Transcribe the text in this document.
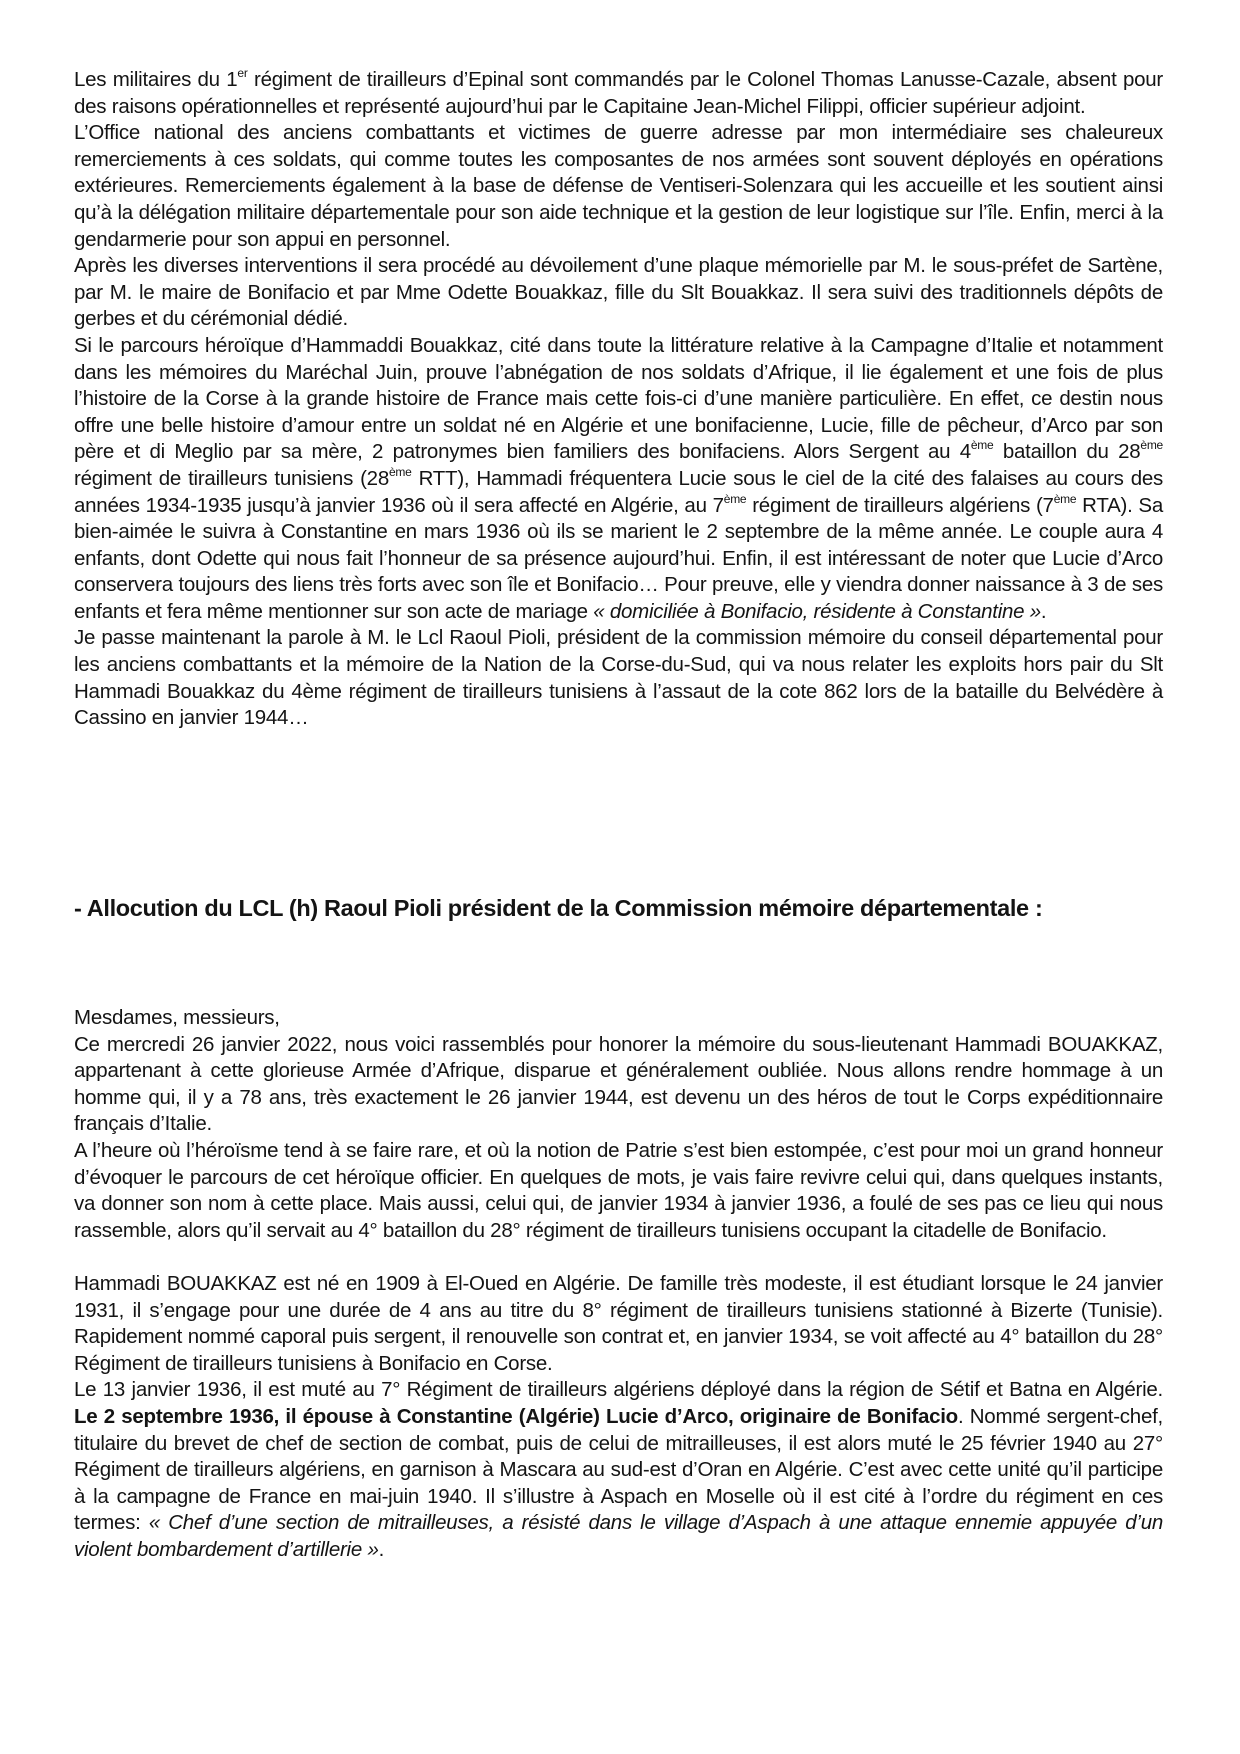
Les militaires du 1er régiment de tirailleurs d’Epinal sont commandés par le Colonel Thomas Lanusse-Cazale, absent pour des raisons opérationnelles et représenté aujourd’hui par le Capitaine Jean-Michel Filippi, officier supérieur adjoint.

L’Office national des anciens combattants et victimes de guerre adresse par mon intermédiaire ses chaleureux remerciements à ces soldats, qui comme toutes les composantes de nos armées sont souvent déployés en opérations extérieures. Remerciements également à la base de défense de Ventiseri-Solenzara qui les accueille et les soutient ainsi qu’à la délégation militaire départementale pour son aide technique et la gestion de leur logistique sur l’île. Enfin, merci à la gendarmerie pour son appui en personnel.

Après les diverses interventions il sera procédé au dévoilement d’une plaque mémorielle par M. le sous-préfet de Sartène, par M. le maire de Bonifacio et par Mme Odette Bouakkaz, fille du Slt Bouakkaz. Il sera suivi des traditionnels dépôts de gerbes et du cérémonial dédié.

Si le parcours héroïque d’Hammaddi Bouakkaz, cité dans toute la littérature relative à la Campagne d’Italie et notamment dans les mémoires du Maréchal Juin, prouve l’abnégation de nos soldats d’Afrique, il lie également et une fois de plus l’histoire de la Corse à la grande histoire de France mais cette fois-ci d’une manière particulière. En effet, ce destin nous offre une belle histoire d’amour entre un soldat né en Algérie et une bonifacienne, Lucie, fille de pêcheur, d’Arco par son père et di Meglio par sa mère, 2 patronymes bien familiers des bonifaciens. Alors Sergent au 4ème bataillon du 28ème régiment de tirailleurs tunisiens (28ème RTT), Hammadi fréquentera Lucie sous le ciel de la cité des falaises au cours des années 1934-1935 jusqu’à janvier 1936 où il sera affecté en Algérie, au 7ème régiment de tirailleurs algériens (7ème RTA). Sa bien-aimée le suivra à Constantine en mars 1936 où ils se marient le 2 septembre de la même année. Le couple aura 4 enfants, dont Odette qui nous fait l’honneur de sa présence aujourd’hui. Enfin, il est intéressant de noter que Lucie d’Arco conservera toujours des liens très forts avec son île et Bonifacio… Pour preuve, elle y viendra donner naissance à 3 de ses enfants et fera même mentionner sur son acte de mariage « domiciliée à Bonifacio, résidente à Constantine ».

Je passe maintenant la parole à M. le Lcl Raoul Pioli, président de la commission mémoire du conseil départemental pour les anciens combattants et la mémoire de la Nation de la Corse-du-Sud, qui va nous relater les exploits hors pair du Slt Hammadi Bouakkaz du 4ème régiment de tirailleurs tunisiens à l’assaut de la cote 862 lors de la bataille du Belvédère à Cassino en janvier 1944…

- Allocution du LCL (h) Raoul Pioli président de la Commission mémoire départementale :

Mesdames, messieurs,

Ce mercredi 26 janvier 2022, nous voici rassemblés pour honorer la mémoire du sous-lieutenant Hammadi BOUAKKAZ, appartenant à cette glorieuse Armée d’Afrique, disparue et généralement oubliée. Nous allons rendre hommage à un homme qui, il y a 78 ans, très exactement le 26 janvier 1944, est devenu un des héros de tout le Corps expéditionnaire français d’Italie.

A l’heure où l’héroïsme tend à se faire rare, et où la notion de Patrie s’est bien estompée, c’est pour moi un grand honneur d’évoquer le parcours de cet héroïque officier. En quelques de mots, je vais faire revivre celui qui, dans quelques instants, va donner son nom à cette place. Mais aussi, celui qui, de janvier 1934 à janvier 1936, a foulé de ses pas ce lieu qui nous rassemble, alors qu’il servait au 4° bataillon du 28° régiment de tirailleurs tunisiens occupant la citadelle de Bonifacio.

Hammadi BOUAKKAZ est né en 1909 à El-Oued en Algérie. De famille très modeste, il est étudiant lorsque le 24 janvier 1931, il s’engage pour une durée de 4 ans au titre du 8° régiment de tirailleurs tunisiens stationné à Bizerte (Tunisie). Rapidement nommé caporal puis sergent, il renouvelle son contrat et, en janvier 1934, se voit affecté au 4° bataillon du 28° Régiment de tirailleurs tunisiens à Bonifacio en Corse.

Le 13 janvier 1936, il est muté au 7° Régiment de tirailleurs algériens déployé dans la région de Sétif et Batna en Algérie. Le 2 septembre 1936, il épouse à Constantine (Algérie) Lucie d’Arco, originaire de Bonifacio. Nommé sergent-chef, titulaire du brevet de chef de section de combat, puis de celui de mitrailleuses, il est alors muté le 25 février 1940 au 27° Régiment de tirailleurs algériens, en garnison à Mascara au sud-est d’Oran en Algérie. C’est avec cette unité qu’il participe à la campagne de France en mai-juin 1940. Il s’illustre à Aspach en Moselle où il est cité à l’ordre du régiment en ces termes: « Chef d’une section de mitrailleuses, a résisté dans le village d’Aspach à une attaque ennemie appuyée d’un violent bombardement d’artillerie ».
